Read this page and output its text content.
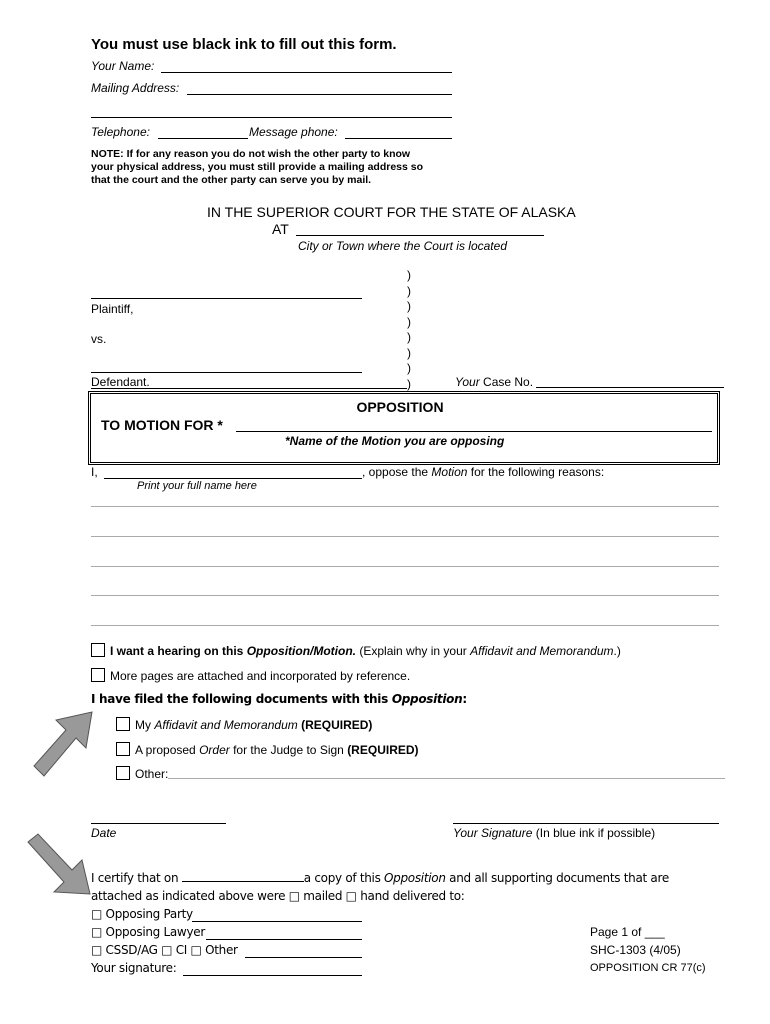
You must use black ink to fill out this form.
Your Name:
Mailing Address:
Telephone:	Message phone:
NOTE: If for any reason you do not wish the other party to know
your physical address, you must still provide a mailing address so
that the court and the other party can serve you by mail.
IN THE SUPERIOR COURT FOR THE STATE OF ALASKA
AT
City or Town where the Court is located
)
)
)
)
)
)
)
)
Plaintiff,
vs.
Defendant.	Your Case No.
OPPOSITION
TO MOTION FOR *
*Name of the Motion you are opposing
I,	, oppose the Motion for the following reasons:
Print your full name here
I want a hearing on this Opposition/Motion. (Explain why in your Affidavit and Memorandum.)
More pages are attached and incorporated by reference.
I have filed the following documents with this Opposition:
My Affidavit and Memorandum (REQUIRED)
A proposed Order for the Judge to Sign (REQUIRED)
Other:
Date	Your Signature (In blue ink if possible)
I certify that on	a copy of this Opposition and all supporting documents that are
attached as indicated above were □ mailed □ hand delivered to:
□ Opposing Party
□ Opposing Lawyer
□ CSSD/AG □ CI □ Other
Your signature:
Page 1 of ___
SHC-1303 (4/05)
OPPOSITION CR 77(c)
